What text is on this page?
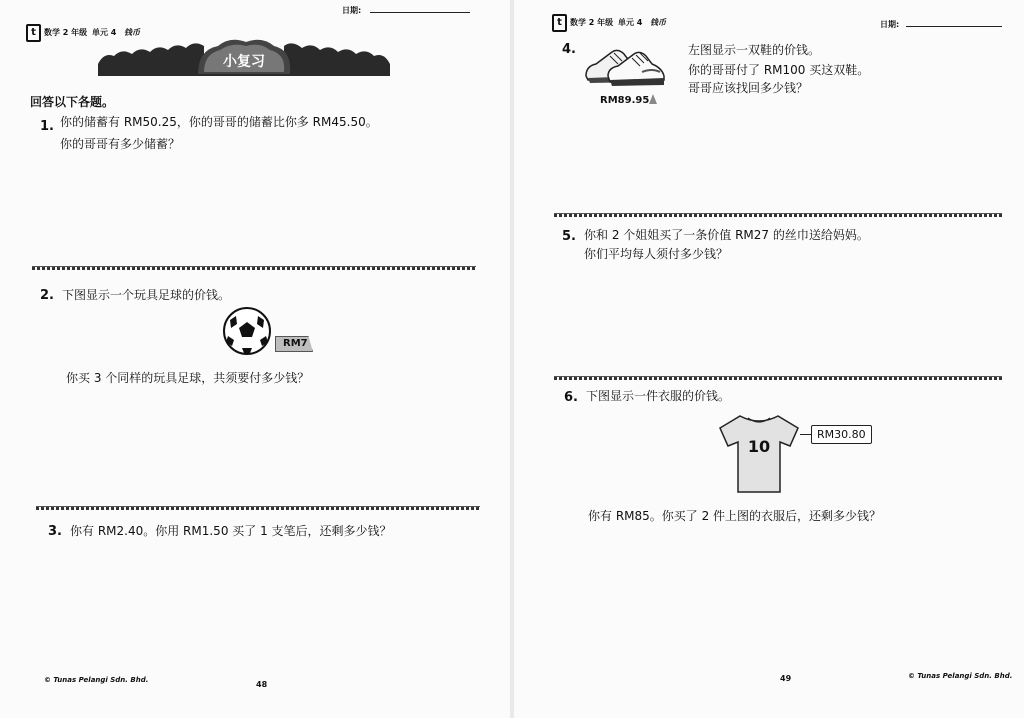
t	数学 2 年级 单元 4 钱币
日期:
小复习
回答以下各题。
1. 你的储蓄有 RM50.25，你的哥哥的储蓄比你多 RM45.50。
你的哥哥有多少储蓄？
2. 下图显示一个玩具足球的价钱。
RM7
你买 3 个同样的玩具足球，共须要付多少钱？
3. 你有 RM2.40。你用 RM1.50 买了 1 支笔后，还剩多少钱？
© Tunas Pelangi Sdn. Bhd.	48
t	数学 2 年级 单元 4 钱币	日期:
4.
RM89.95
左图显示一双鞋的价钱。
你的哥哥付了 RM100 买这双鞋。
哥哥应该找回多少钱？
5. 你和 2 个姐姐买了一条价值 RM27 的丝巾送给妈妈。
你们平均每人须付多少钱？
6. 下图显示一件衣服的价钱。
10
RM30.80
你有 RM85。你买了 2 件上图的衣服后，还剩多少钱？
49	© Tunas Pelangi Sdn. Bhd.
